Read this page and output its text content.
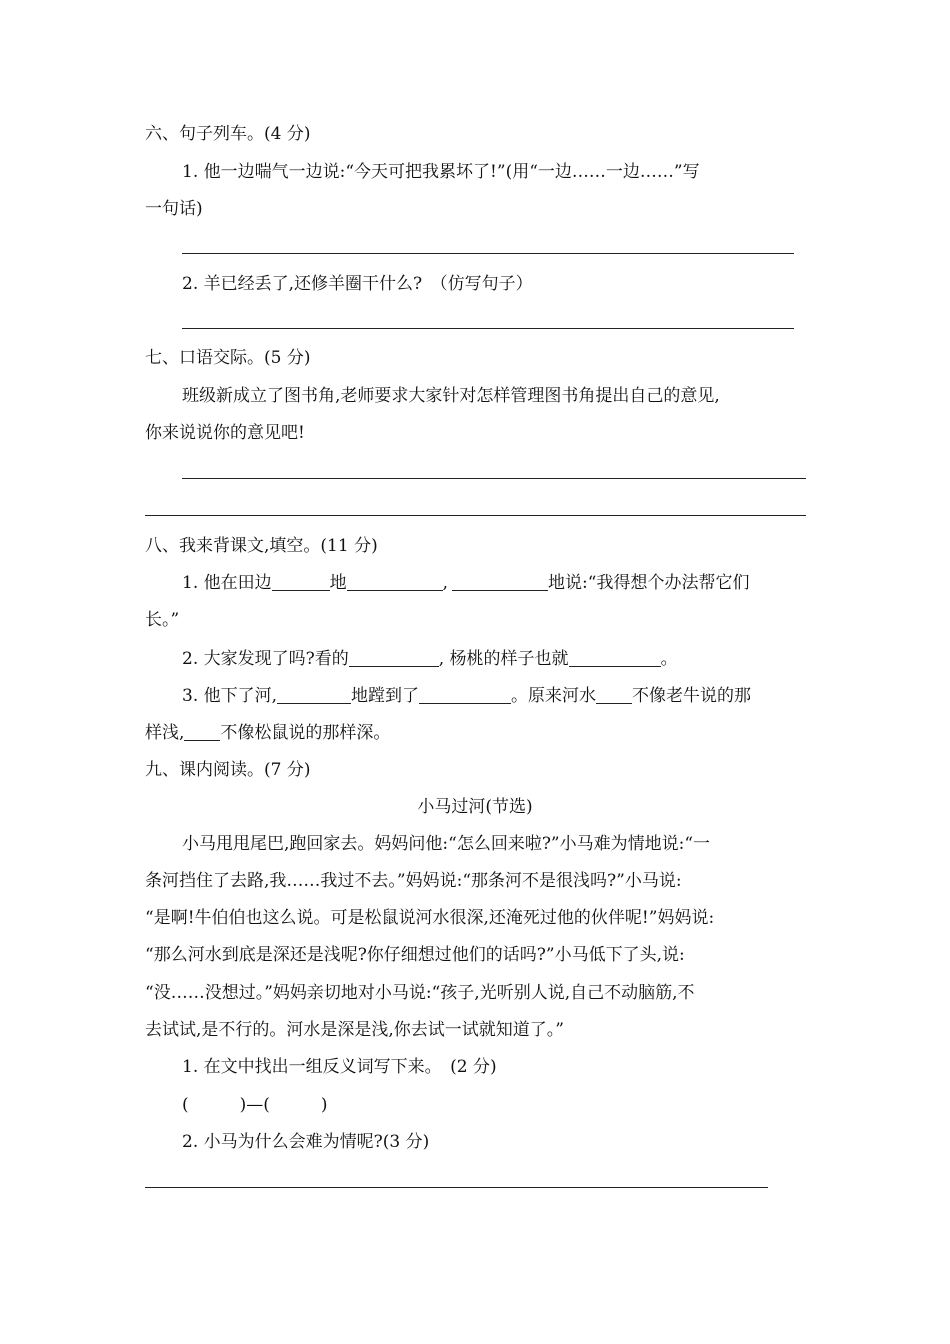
六、句子列车。(4 分)
1. 他一边喘气一边说:“今天可把我累坏了!”(用“一边……一边……”写
一句话)
2. 羊已经丢了,还修羊圈干什么?　（仿写句子）
七、口语交际。(5 分)
班级新成立了图书角,老师要求大家针对怎样管理图书角提出自己的意见,
你来说说你的意见吧!
八、我来背课文,填空。(11 分)
1. 他在田边	地	,	地说:“我得想个办法帮它们
长。”
2. 大家发现了吗?看的	, 杨桃的样子也就	。
3. 他下了河,	地蹚到了	。原来河水 不像老牛说的那
样浅, 不像松鼠说的那样深。
九、课内阅读。(7 分)
小马过河(节选)
小马甩甩尾巴,跑回家去。妈妈问他:“怎么回来啦?”小马难为情地说:“一
条河挡住了去路,我……我过不去。”妈妈说:“那条河不是很浅吗?”小马说:
“是啊!牛伯伯也这么说。可是松鼠说河水很深,还淹死过他的伙伴呢!”妈妈说:
“那么河水到底是深还是浅呢?你仔细想过他们的话吗?”小马低下了头,说:
“没……没想过。”妈妈亲切地对小马说:“孩子,光听别人说,自己不动脑筋,不
去试试,是不行的。河水是深是浅,你去试一试就知道了。”
1. 在文中找出一组反义词写下来。　(2 分)
(　　　)—(　　　)
2. 小马为什么会难为情呢?(3 分)
